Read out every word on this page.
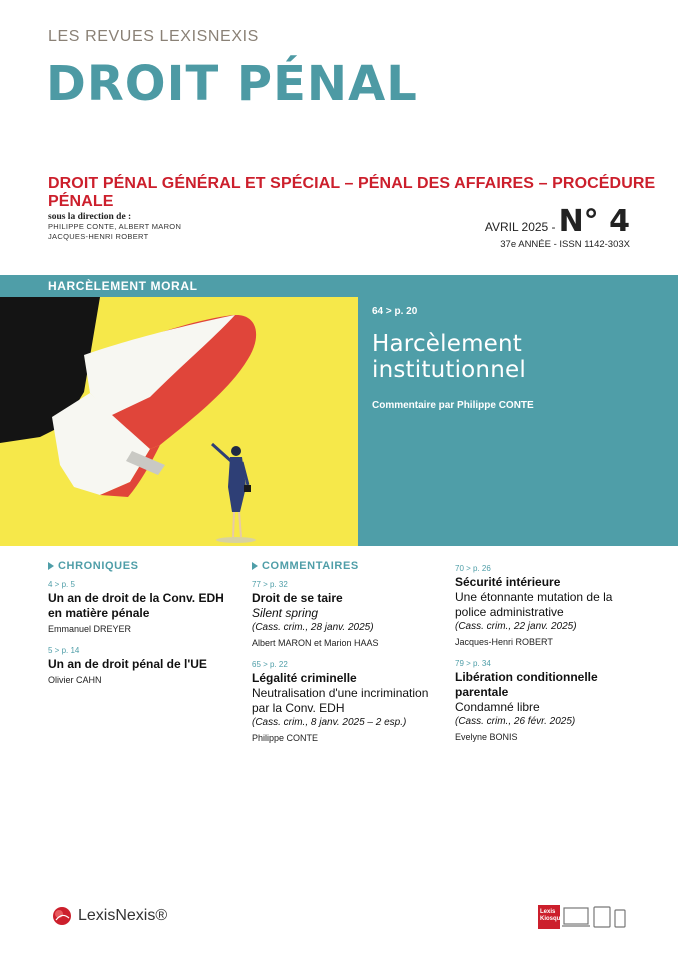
LES REVUES LEXISNEXIS
DROIT PÉNAL
DROIT PÉNAL GÉNÉRAL ET SPÉCIAL – PÉNAL DES AFFAIRES – PROCÉDURE PÉNALE
sous la direction de :
PHILIPPE CONTE, ALBERT MARON
JACQUES-HENRI ROBERT
AVRIL 2025 - N° 4
37e ANNÉE - ISSN 1142-303X
HARCÈLEMENT MORAL
64 > p. 20
Harcèlement
institutionnel
Commentaire par Philippe CONTE
CHRONIQUES
4 > p. 5
Un an de droit de la Conv. EDH en matière pénale
Emmanuel DREYER
5 > p. 14
Un an de droit pénal de l'UE
Olivier CAHN
COMMENTAIRES
77 > p. 32
Droit de se taire
Silent spring
(Cass. crim., 28 janv. 2025)
Albert MARON et Marion HAAS
65 > p. 22
Légalité criminelle
Neutralisation d'une incrimination par la Conv. EDH
(Cass. crim., 8 janv. 2025 – 2 esp.)
Philippe CONTE
70 > p. 26
Sécurité intérieure
Une étonnante mutation de la police administrative
(Cass. crim., 22 janv. 2025)
Jacques-Henri ROBERT
79 > p. 34
Libération conditionnelle parentale
Condamné libre
(Cass. crim., 26 févr. 2025)
Evelyne BONIS
LexisNexis®	Lexis
Kiosque
